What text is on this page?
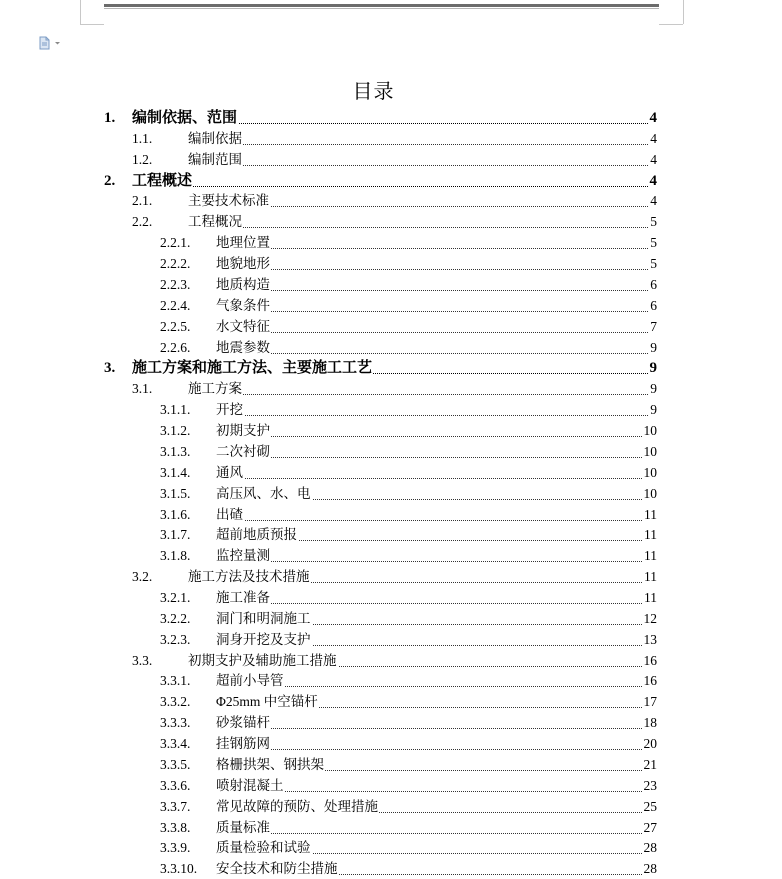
目录
1. 编制依据、范围	4
1.1.	编制依据	4
1.2.	编制范围	4
2. 工程概述	4
2.1.	主要技术标准	4
2.2.	工程概况	5
2.2.1. 地理位置	5
2.2.2. 地貌地形	5
2.2.3. 地质构造	6
2.2.4. 气象条件	6
2.2.5. 水文特征	7
2.2.6. 地震参数	9
3. 施工方案和施工方法、主要施工工艺	9
3.1.	施工方案	9
3.1.1. 开挖	9
3.1.2. 初期支护	10
3.1.3. 二次衬砌	10
3.1.4. 通风	10
3.1.5. 高压风、水、电	10
3.1.6. 出碴	11
3.1.7. 超前地质预报	11
3.1.8. 监控量测	11
3.2.	施工方法及技术措施	11
3.2.1. 施工准备	11
3.2.2. 洞门和明洞施工	12
3.2.3. 洞身开挖及支护	13
3.3.	初期支护及辅助施工措施	16
3.3.1. 超前小导管	16
3.3.2. Φ25mm 中空锚杆	17
3.3.3. 砂浆锚杆	18
3.3.4. 挂钢筋网	20
3.3.5. 格栅拱架、钢拱架	21
3.3.6. 喷射混凝土	23
3.3.7. 常见故障的预防、处理措施	25
3.3.8. 质量标准	27
3.3.9. 质量检验和试验	28
3.3.10. 安全技术和防尘措施	28
